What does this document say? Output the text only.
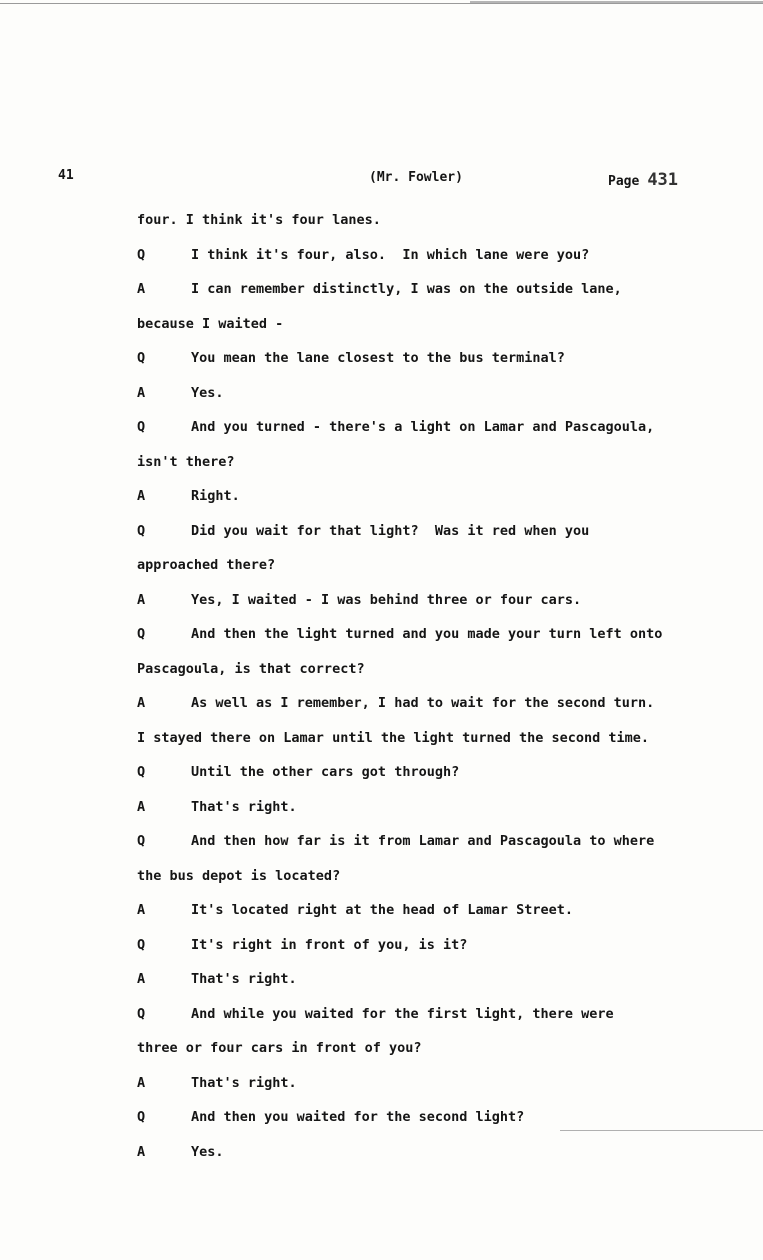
41	(Mr. Fowler)	Page 431
four. I think it's four lanes.
Q	I think it's four, also.  In which lane were you?
A	I can remember distinctly, I was on the outside lane,
because I waited -
Q	You mean the lane closest to the bus terminal?
A	Yes.
Q	And you turned - there's a light on Lamar and Pascagoula,
isn't there?
A	Right.
Q	Did you wait for that light?  Was it red when you
approached there?
A	Yes, I waited - I was behind three or four cars.
Q	And then the light turned and you made your turn left onto
Pascagoula, is that correct?
A	As well as I remember, I had to wait for the second turn.
I stayed there on Lamar until the light turned the second time.
Q	Until the other cars got through?
A	That's right.
Q	And then how far is it from Lamar and Pascagoula to where
the bus depot is located?
A	It's located right at the head of Lamar Street.
Q	It's right in front of you, is it?
A	That's right.
Q	And while you waited for the first light, there were
three or four cars in front of you?
A	That's right.
Q	And then you waited for the second light?
A	Yes.
